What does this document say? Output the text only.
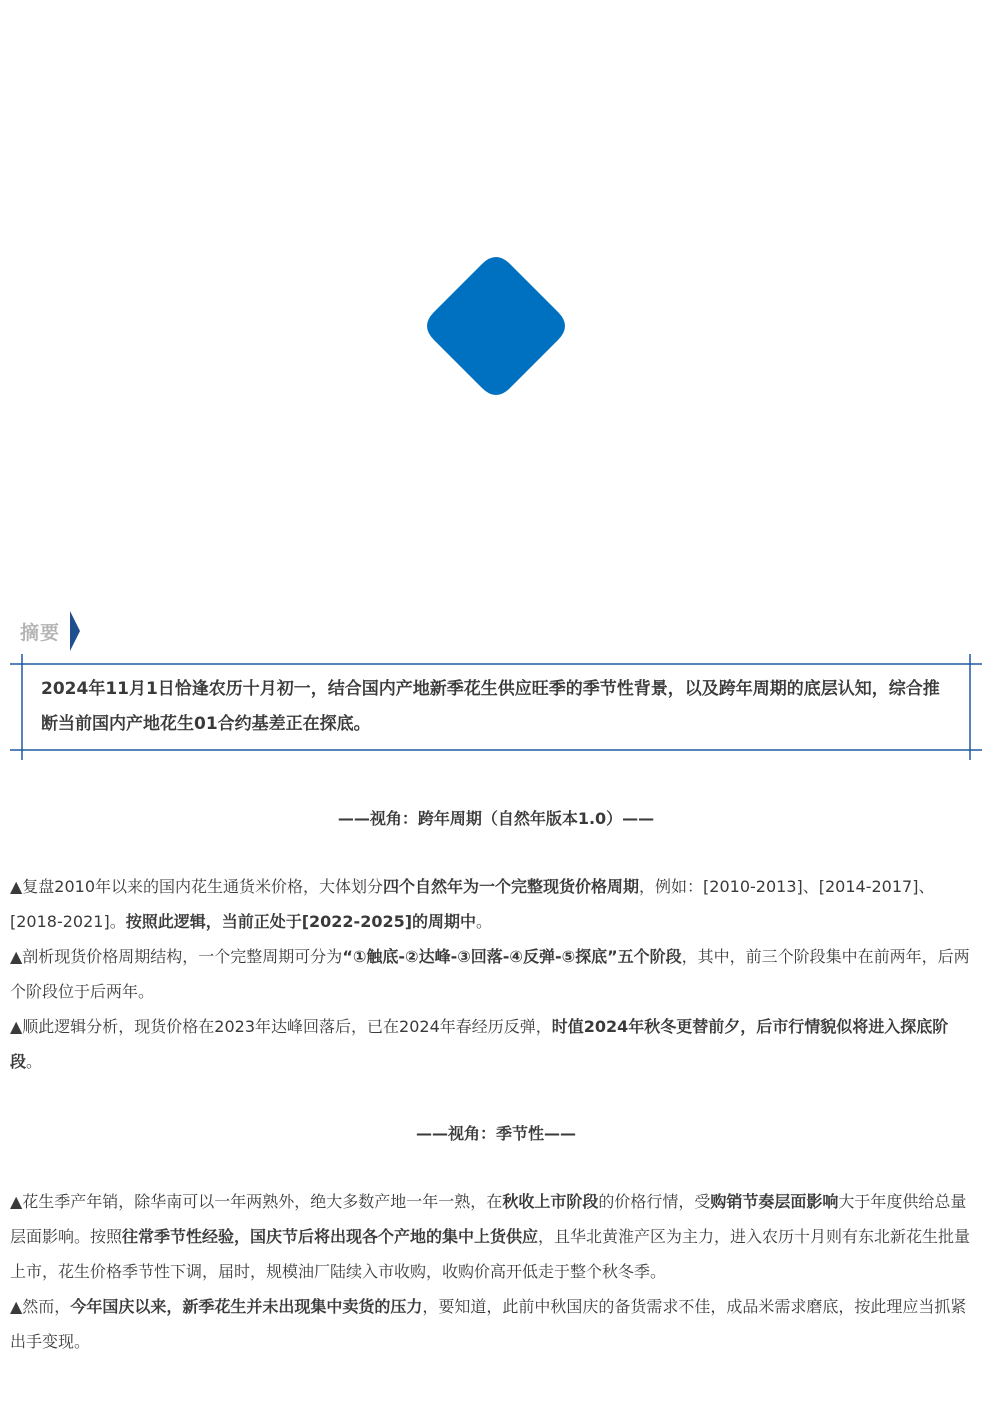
摘要
2024年11月1日恰逢农历十月初一，结合国内产地新季花生供应旺季的季节性背景，以及跨年周期的底层认知，综合推断当前国内产地花生01合约基差正在探底。
——视角：跨年周期（自然年版本1.0）——
▲复盘2010年以来的国内花生通货米价格，大体划分四个自然年为一个完整现货价格周期，例如：[2010-2013]、[2014-2017]、[2018-2021]。按照此逻辑，当前正处于[2022-2025]的周期中。
▲剖析现货价格周期结构，一个完整周期可分为“①触底-②达峰-③回落-④反弹-⑤探底”五个阶段，其中，前三个阶段集中在前两年，后两个阶段位于后两年。
▲顺此逻辑分析，现货价格在2023年达峰回落后，已在2024年春经历反弹，时值2024年秋冬更替前夕，后市行情貌似将进入探底阶段。
——视角：季节性——
▲花生季产年销，除华南可以一年两熟外，绝大多数产地一年一熟，在秋收上市阶段的价格行情，受购销节奏层面影响大于年度供给总量层面影响。按照往常季节性经验，国庆节后将出现各个产地的集中上货供应，且华北黄淮产区为主力，进入农历十月则有东北新花生批量上市，花生价格季节性下调，届时，规模油厂陆续入市收购，收购价高开低走于整个秋冬季。
▲然而，今年国庆以来，新季花生并未出现集中卖货的压力，要知道，此前中秋国庆的备货需求不佳，成品米需求磨底，按此理应当抓紧出手变现。
